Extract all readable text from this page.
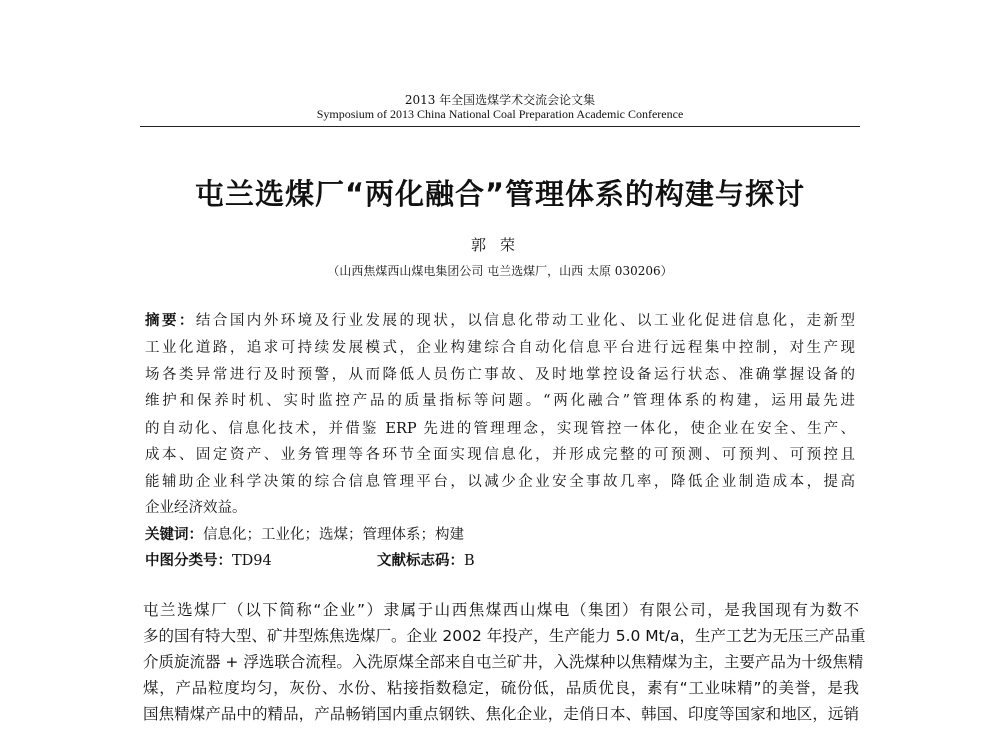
2013 年全国选煤学术交流会论文集
Symposium of 2013 China National Coal Preparation Academic Conference
屯兰选煤厂“两化融合”管理体系的构建与探讨
郭荣
（山西焦煤西山煤电集团公司 屯兰选煤厂，山西 太原 030206）
摘要：结合国内外环境及行业发展的现状，以信息化带动工业化、以工业化促进信息化，走新型
工业化道路，追求可持续发展模式，企业构建综合自动化信息平台进行远程集中控制，对生产现
场各类异常进行及时预警，从而降低人员伤亡事故、及时地掌控设备运行状态、准确掌握设备的
维护和保养时机、实时监控产品的质量指标等问题。“两化融合”管理体系的构建，运用最先进
的自动化、信息化技术，并借鉴 ERP 先进的管理理念，实现管控一体化，使企业在安全、生产、
成本、固定资产、业务管理等各环节全面实现信息化，并形成完整的可预测、可预判、可预控且
能辅助企业科学决策的综合信息管理平台，以减少企业安全事故几率，降低企业制造成本，提高
企业经济效益。
关键词：信息化；工业化；选煤；管理体系；构建
中图分类号：TD94	文献标志码：B
屯兰选煤厂（以下简称“企业”）隶属于山西焦煤西山煤电（集团）有限公司，是我国现有为数不
多的国有特大型、矿井型炼焦选煤厂。企业 2002 年投产，生产能力 5.0 Mt/a，生产工艺为无压三产品重
介质旋流器 + 浮选联合流程。入洗原煤全部来自屯兰矿井，入洗煤种以焦精煤为主，主要产品为十级焦精
煤，产品粒度均匀，灰份、水份、粘接指数稳定，硫份低，品质优良，素有“工业味精”的美誉，是我
国焦精煤产品中的精品，产品畅销国内重点钢铁、焦化企业，走俏日本、韩国、印度等国家和地区，远销
